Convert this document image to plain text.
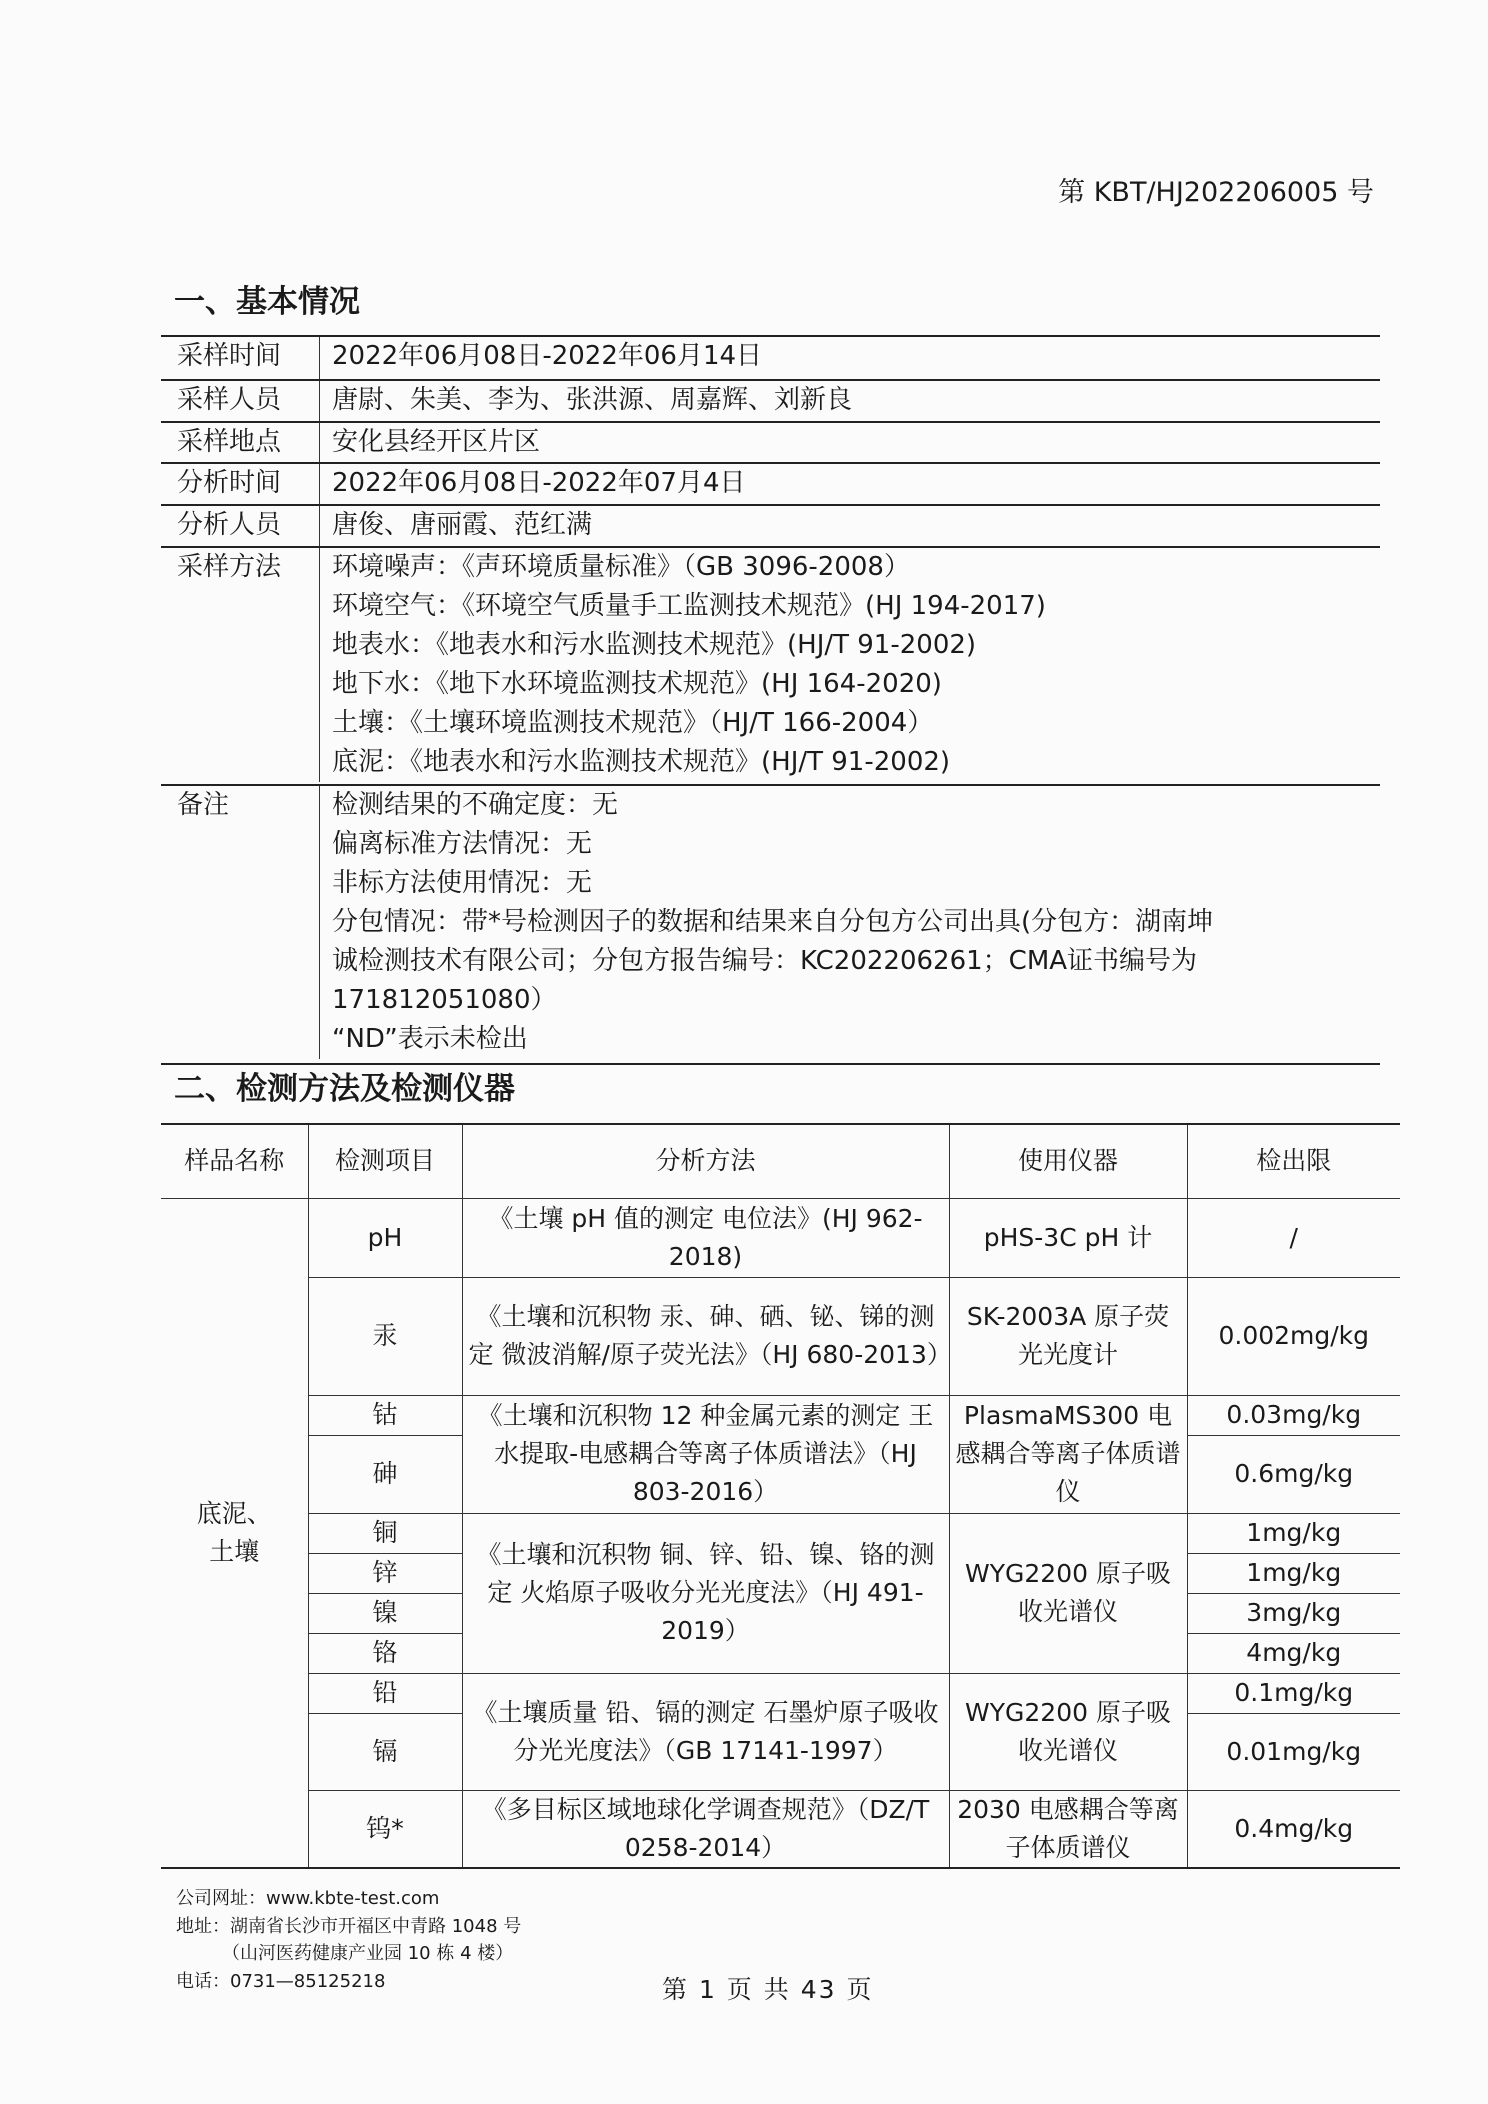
第 KBT/HJ202206005 号
一、基本情况
采样时间	2022年06月08日-2022年06月14日
采样人员	唐尉、朱美、李为、张洪源、周嘉辉、刘新良
采样地点	安化县经开区片区
分析时间	2022年06月08日-2022年07月4日
分析人员	唐俊、唐丽霞、范红满
采样方法	环境噪声：《声环境质量标准》（GB 3096-2008）
环境空气：《环境空气质量手工监测技术规范》(HJ 194-2017)
地表水：《地表水和污水监测技术规范》(HJ/T 91-2002)
地下水：《地下水环境监测技术规范》(HJ 164-2020)
土壤：《土壤环境监测技术规范》（HJ/T 166-2004）
底泥：《地表水和污水监测技术规范》(HJ/T 91-2002)
备注	检测结果的不确定度：无
偏离标准方法情况：无
非标方法使用情况：无
分包情况：带*号检测因子的数据和结果来自分包方公司出具(分包方：湖南坤
诚检测技术有限公司；分包方报告编号：KC202206261；CMA证书编号为
171812051080）
“ND”表示未检出
二、检测方法及检测仪器
样品名称	检测项目	分析方法	使用仪器	检出限
底泥、
土壤	pH	《土壤 pH 值的测定 电位法》(HJ 962-2018)	pHS-3C pH 计	/
	汞	《土壤和沉积物 汞、砷、硒、铋、锑的测定 微波消解/原子荧光法》（HJ 680-2013）	SK-2003A 原子荧光光度计	0.002mg/kg
	钴	《土壤和沉积物 12 种金属元素的测定 王水提取-电感耦合等离子体质谱法》（HJ 803-2016）	PlasmaMS300 电感耦合等离子体质谱仪	0.03mg/kg
	砷			0.6mg/kg
	铜	《土壤和沉积物 铜、锌、铅、镍、铬的测定 火焰原子吸收分光光度法》（HJ 491-2019）	WYG2200 原子吸收光谱仪	1mg/kg
	锌			1mg/kg
	镍			3mg/kg
	铬			4mg/kg
	铅	《土壤质量 铅、镉的测定 石墨炉原子吸收分光光度法》（GB 17141-1997）	WYG2200 原子吸收光谱仪	0.1mg/kg
	镉			0.01mg/kg
	钨*	《多目标区域地球化学调查规范》（DZ/T 0258-2014）	2030 电感耦合等离子体质谱仪	0.4mg/kg
公司网址：www.kbte-test.com
地址：湖南省长沙市开福区中青路 1048 号
（山河医药健康产业园 10 栋 4 楼）
电话：0731—85125218	第 1 页 共 43 页
